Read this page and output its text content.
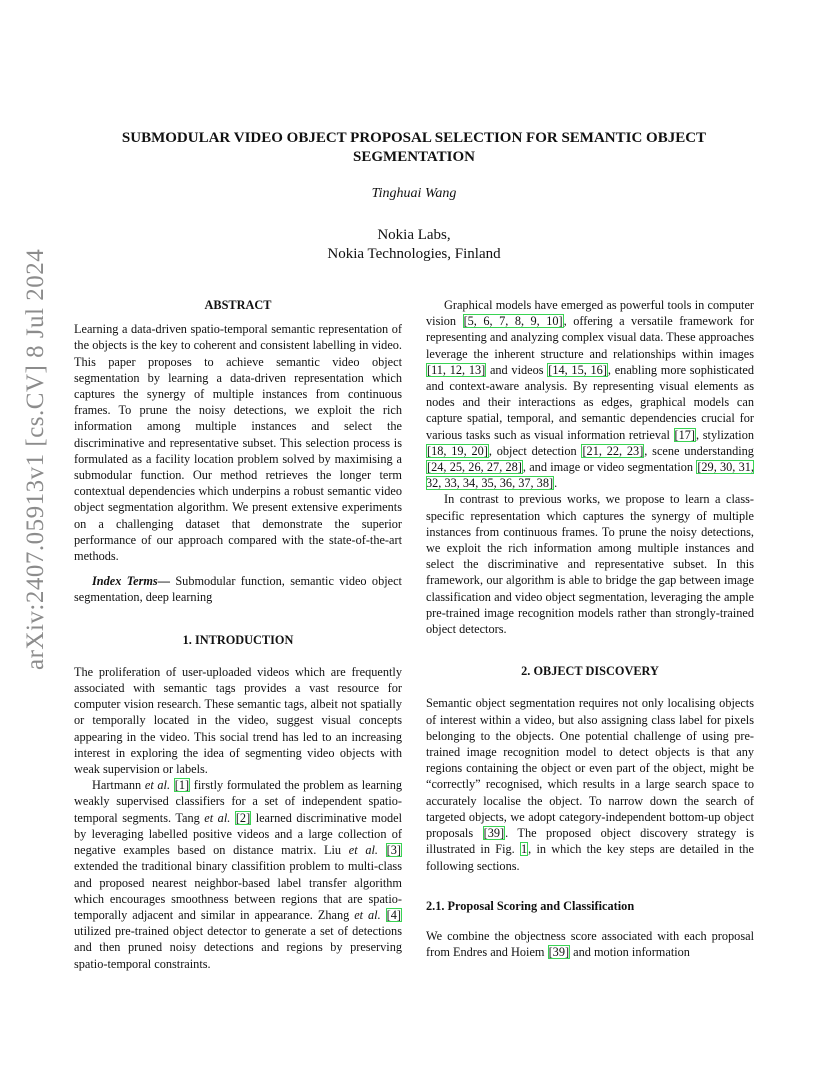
arXiv:2407.05913v1 [cs.CV] 8 Jul 2024
SUBMODULAR VIDEO OBJECT PROPOSAL SELECTION FOR SEMANTIC OBJECT
SEGMENTATION
Tinghuai Wang
Nokia Labs,
Nokia Technologies, Finland

ABSTRACT

Learning a data-driven spatio-temporal semantic representation of the objects is the key to coherent and consistent labelling in video. This paper proposes to achieve semantic video object segmentation by learning a data-driven representation which captures the synergy of multiple instances from continuous frames. To prune the noisy detections, we exploit the rich information among multiple instances and select the discriminative and representative subset. This selection process is formulated as a facility location problem solved by maximising a submodular function. Our method retrieves the longer term contextual dependencies which underpins a robust semantic video object segmentation algorithm. We present extensive experiments on a challenging dataset that demonstrate the superior performance of our approach compared with the state-of-the-art methods.

Index Terms— Submodular function, semantic video object segmentation, deep learning

1. INTRODUCTION

The proliferation of user-uploaded videos which are frequently associated with semantic tags provides a vast resource for computer vision research. These semantic tags, albeit not spatially or temporally located in the video, suggest visual concepts appearing in the video. This social trend has led to an increasing interest in exploring the idea of segmenting video objects with weak supervision or labels.

Hartmann et al. [1] firstly formulated the problem as learning weakly supervised classifiers for a set of independent spatio-temporal segments. Tang et al. [2] learned discriminative model by leveraging labelled positive videos and a large collection of negative examples based on distance matrix. Liu et al. [3] extended the traditional binary classifition problem to multi-class and proposed nearest neighbor-based label transfer algorithm which encourages smoothness between regions that are spatio-temporally adjacent and similar in appearance. Zhang et al. [4] utilized pre-trained object detector to generate a set of detections and then pruned noisy detections and regions by preserving spatio-temporal constraints.

Graphical models have emerged as powerful tools in computer vision [5, 6, 7, 8, 9, 10], offering a versatile framework for representing and analyzing complex visual data. These approaches leverage the inherent structure and relationships within images [11, 12, 13] and videos [14, 15, 16], enabling more sophisticated and context-aware analysis. By representing visual elements as nodes and their interactions as edges, graphical models can capture spatial, temporal, and semantic dependencies crucial for various tasks such as visual information retrieval [17], stylization [18, 19, 20], object detection [21, 22, 23], scene understanding [24, 25, 26, 27, 28], and image or video segmentation [29, 30, 31, 32, 33, 34, 35, 36, 37, 38].

In contrast to previous works, we propose to learn a class-specific representation which captures the synergy of multiple instances from continuous frames. To prune the noisy detections, we exploit the rich information among multiple instances and select the discriminative and representative subset. In this framework, our algorithm is able to bridge the gap between image classification and video object segmentation, leveraging the ample pre-trained image recognition models rather than strongly-trained object detectors.

2. OBJECT DISCOVERY

Semantic object segmentation requires not only localising objects of interest within a video, but also assigning class label for pixels belonging to the objects. One potential challenge of using pre-trained image recognition model to detect objects is that any regions containing the object or even part of the object, might be “correctly” recognised, which results in a large search space to accurately localise the object. To narrow down the search of targeted objects, we adopt category-independent bottom-up object proposals [39]. The proposed object discovery strategy is illustrated in Fig. 1, in which the key steps are detailed in the following sections.

2.1. Proposal Scoring and Classification

We combine the objectness score associated with each proposal from Endres and Hoiem [39] and motion information
